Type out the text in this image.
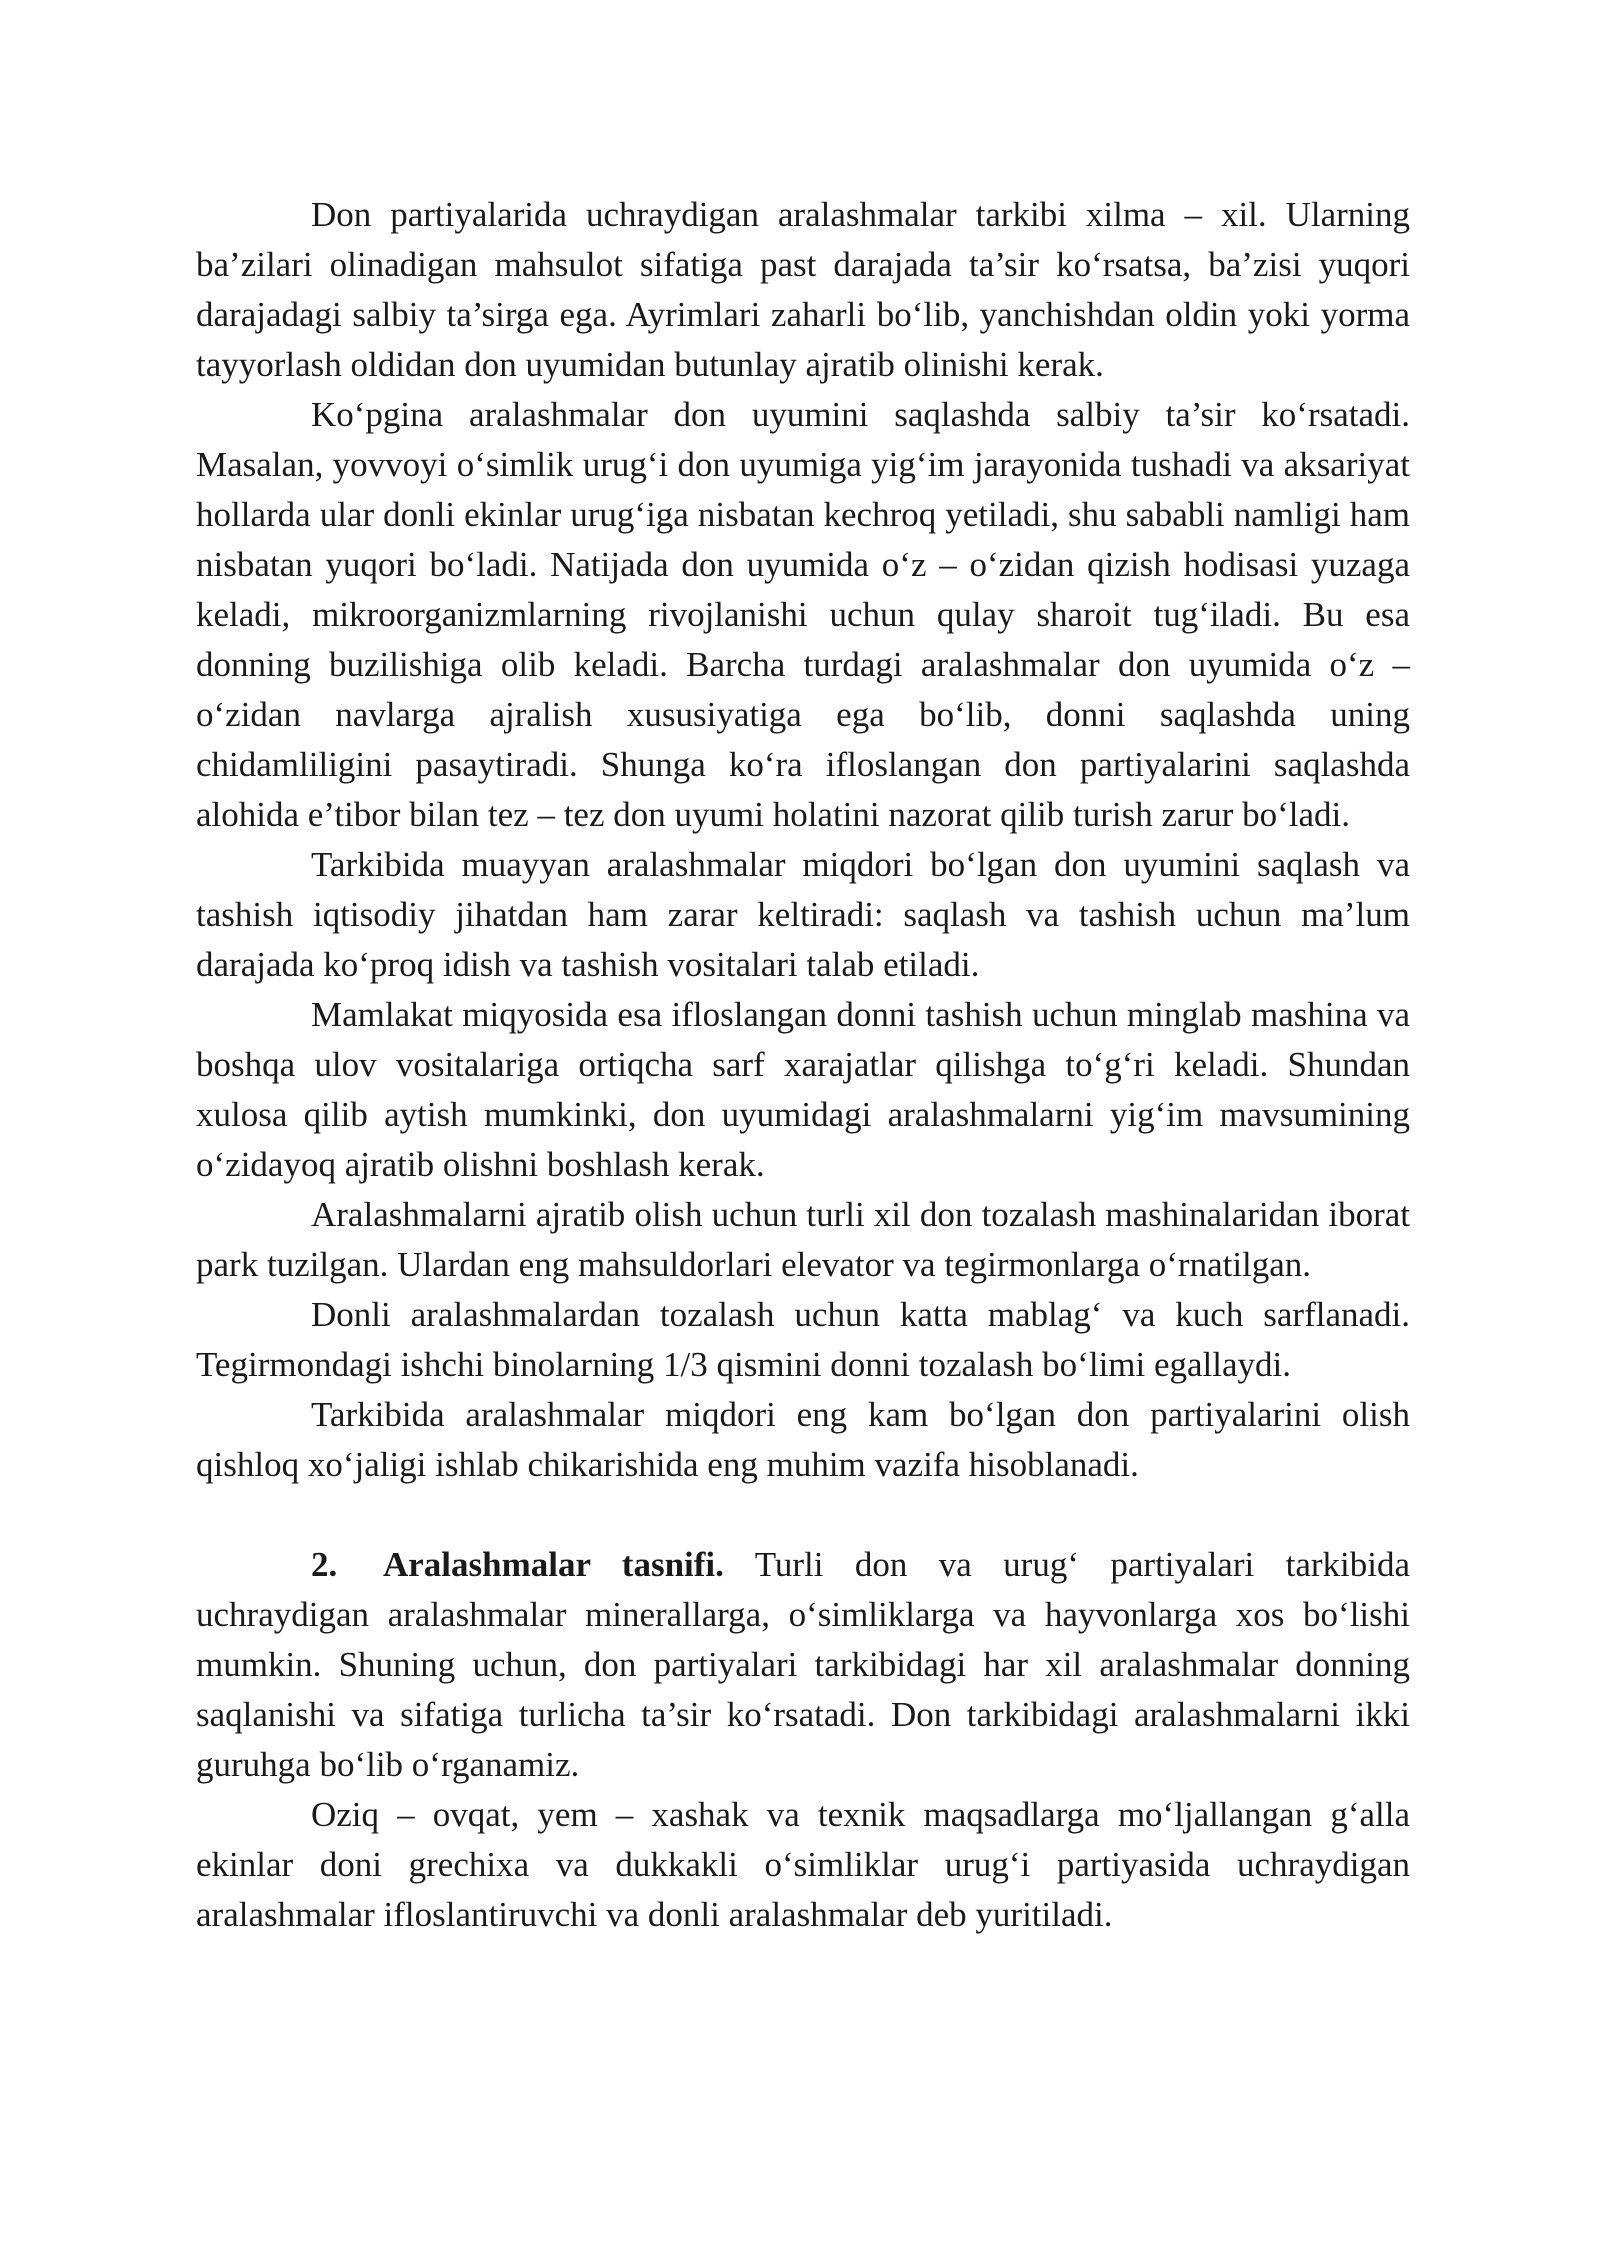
Don partiyalarida uchraydigan aralashmalar tarkibi xilma – xil. Ularning ba’zilari olinadigan mahsulot sifatiga past darajada ta’sir ko‘rsatsa, ba’zisi yuqori darajadagi salbiy ta’sirga ega. Ayrimlari zaharli bo‘lib, yanchishdan oldin yoki yorma tayyorlash oldidan don uyumidan butunlay ajratib olinishi kerak.

Ko‘pgina aralashmalar don uyumini saqlashda salbiy ta’sir ko‘rsatadi. Masalan, yovvoyi o‘simlik urug‘i don uyumiga yig‘im jarayonida tushadi va aksariyat hollarda ular donli ekinlar urug‘iga nisbatan kechroq yetiladi, shu sababli namligi ham nisbatan yuqori bo‘ladi. Natijada don uyumida o‘z – o‘zidan qizish hodisasi yuzaga keladi, mikroorganizmlarning rivojlanishi uchun qulay sharoit tug‘iladi. Bu esa donning buzilishiga olib keladi. Barcha turdagi aralashmalar don uyumida o‘z – o‘zidan navlarga ajralish xususiyatiga ega bo‘lib, donni saqlashda uning chidamliligini pasaytiradi. Shunga ko‘ra ifloslangan don partiyalarini saqlashda alohida e’tibor bilan tez – tez don uyumi holatini nazorat qilib turish zarur bo‘ladi.

Tarkibida muayyan aralashmalar miqdori bo‘lgan don uyumini saqlash va tashish iqtisodiy jihatdan ham zarar keltiradi: saqlash va tashish uchun ma’lum darajada ko‘proq idish va tashish vositalari talab etiladi.

Mamlakat miqyosida esa ifloslangan donni tashish uchun minglab mashina va boshqa ulov vositalariga ortiqcha sarf xarajatlar qilishga to‘g‘ri keladi. Shundan xulosa qilib aytish mumkinki, don uyumidagi aralashmalarni yig‘im mavsumining o‘zidayoq ajratib olishni boshlash kerak.

Aralashmalarni ajratib olish uchun turli xil don tozalash mashinalaridan iborat park tuzilgan. Ulardan eng mahsuldorlari elevator va tegirmonlarga o‘rnatilgan.

Donli aralashmalardan tozalash uchun katta mablag‘ va kuch sarflanadi. Tegirmondagi ishchi binolarning 1/3 qismini donni tozalash bo‘limi egallaydi.

Tarkibida aralashmalar miqdori eng kam bo‘lgan don partiyalarini olish qishloq xo‘jaligi ishlab chikarishida eng muhim vazifa hisoblanadi.

2. Aralashmalar tasnifi. Turli don va urug‘ partiyalari tarkibida uchraydigan aralashmalar minerallarga, o‘simliklarga va hayvonlarga xos bo‘lishi mumkin. Shuning uchun, don partiyalari tarkibidagi har xil aralashmalar donning saqlanishi va sifatiga turlicha ta’sir ko‘rsatadi. Don tarkibidagi aralashmalarni ikki guruhga bo‘lib o‘rganamiz.

Oziq – ovqat, yem – xashak va texnik maqsadlarga mo‘ljallangan g‘alla ekinlar doni grechixa va dukkakli o‘simliklar urug‘i partiyasida uchraydigan aralashmalar ifloslantiruvchi va donli aralashmalar deb yuritiladi.
